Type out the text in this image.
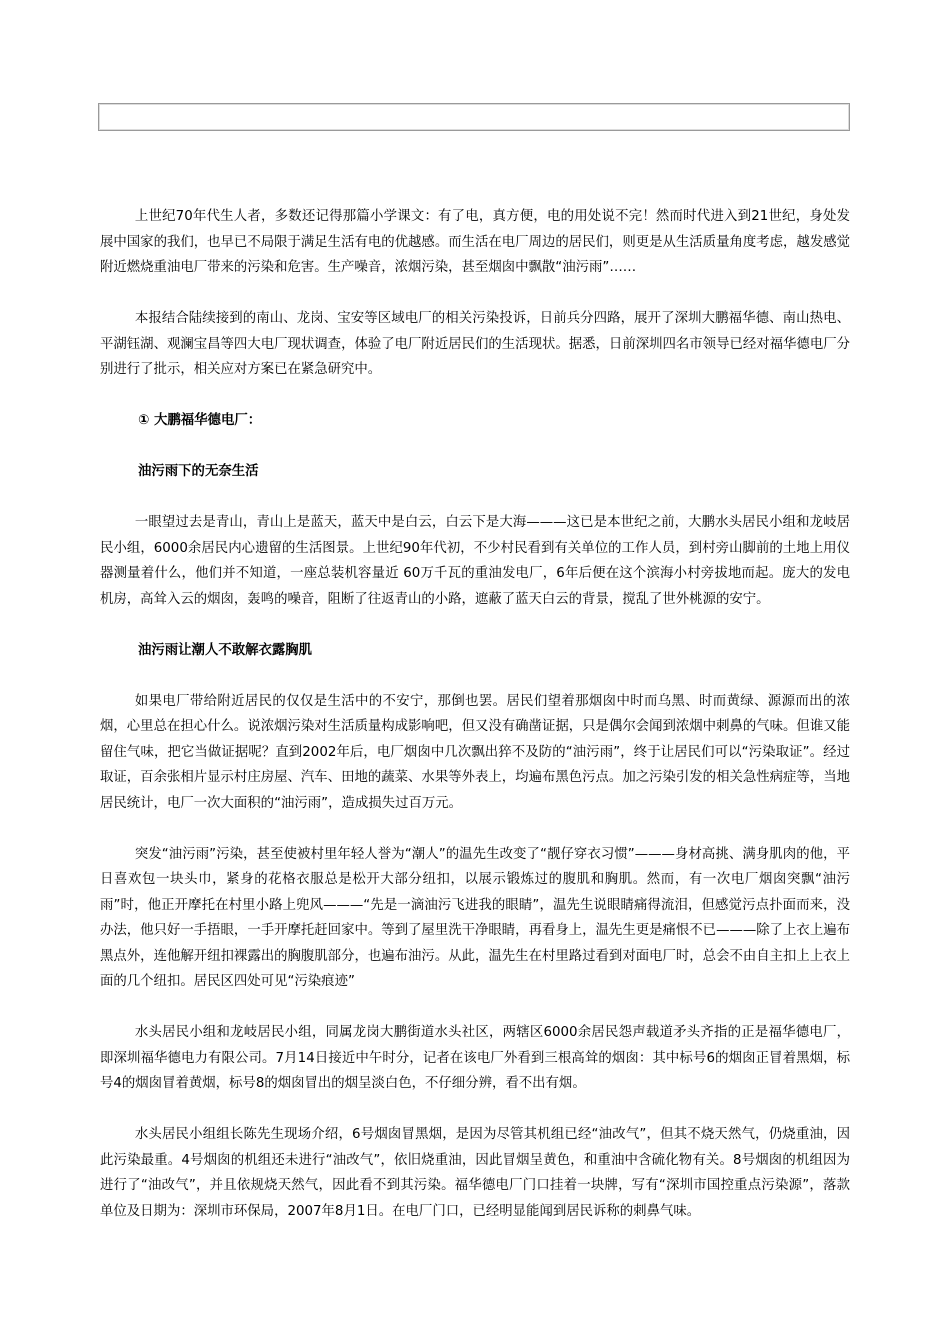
上世纪70年代生人者，多数还记得那篇小学课文：有了电，真方便，电的用处说不完！然而时代进入到21世纪，身处发展中国家的我们，也早已不局限于满足生活有电的优越感。而生活在电厂周边的居民们，则更是从生活质量角度考虑，越发感觉附近燃烧重油电厂带来的污染和危害。生产噪音，浓烟污染，甚至烟囱中飘散“油污雨”……

本报结合陆续接到的南山、龙岗、宝安等区域电厂的相关污染投诉，日前兵分四路，展开了深圳大鹏福华德、南山热电、平湖钰湖、观澜宝昌等四大电厂现状调查，体验了电厂附近居民们的生活现状。据悉，日前深圳四名市领导已经对福华德电厂分别进行了批示，相关应对方案已在紧急研究中。

① 大鹏福华德电厂：
油污雨下的无奈生活

一眼望过去是青山，青山上是蓝天，蓝天中是白云，白云下是大海———这已是本世纪之前，大鹏水头居民小组和龙岐居民小组，6000余居民内心遗留的生活图景。上世纪90年代初，不少村民看到有关单位的工作人员，到村旁山脚前的土地上用仪器测量着什么，他们并不知道，一座总装机容量近 60万千瓦的重油发电厂，6年后便在这个滨海小村旁拔地而起。庞大的发电机房，高耸入云的烟囱，轰鸣的噪音，阻断了往返青山的小路，遮蔽了蓝天白云的背景，搅乱了世外桃源的安宁。

油污雨让潮人不敢解衣露胸肌

如果电厂带给附近居民的仅仅是生活中的不安宁，那倒也罢。居民们望着那烟囱中时而乌黑、时而黄绿、源源而出的浓烟，心里总在担心什么。说浓烟污染对生活质量构成影响吧，但又没有确凿证据，只是偶尔会闻到浓烟中刺鼻的气味。但谁又能留住气味，把它当做证据呢？直到2002年后，电厂烟囱中几次飘出猝不及防的“油污雨”，终于让居民们可以“污染取证”。经过取证，百余张相片显示村庄房屋、汽车、田地的蔬菜、水果等外表上，均遍布黑色污点。加之污染引发的相关急性病症等，当地居民统计，电厂一次大面积的“油污雨”，造成损失过百万元。

突发“油污雨”污染，甚至使被村里年轻人誉为“潮人”的温先生改变了“靓仔穿衣习惯”———身材高挑、满身肌肉的他，平日喜欢包一块头巾，紧身的花格衣服总是松开大部分纽扣，以展示锻炼过的腹肌和胸肌。然而，有一次电厂烟囱突飘“油污雨”时，他正开摩托在村里小路上兜风———“先是一滴油污飞进我的眼睛”，温先生说眼睛痛得流泪，但感觉污点扑面而来，没办法，他只好一手捂眼，一手开摩托赶回家中。等到了屋里洗干净眼睛，再看身上，温先生更是痛恨不已———除了上衣上遍布黑点外，连他解开纽扣裸露出的胸腹肌部分，也遍布油污。从此，温先生在村里路过看到对面电厂时，总会不由自主扣上上衣上面的几个纽扣。居民区四处可见“污染痕迹”

水头居民小组和龙岐居民小组，同属龙岗大鹏街道水头社区，两辖区6000余居民怨声载道矛头齐指的正是福华德电厂，即深圳福华德电力有限公司。7月14日接近中午时分，记者在该电厂外看到三根高耸的烟囱：其中标号6的烟囱正冒着黑烟，标号4的烟囱冒着黄烟，标号8的烟囱冒出的烟呈淡白色，不仔细分辨，看不出有烟。

水头居民小组组长陈先生现场介绍，6号烟囱冒黑烟，是因为尽管其机组已经“油改气”，但其不烧天然气，仍烧重油，因此污染最重。4号烟囱的机组还未进行“油改气”，依旧烧重油，因此冒烟呈黄色，和重油中含硫化物有关。8号烟囱的机组因为进行了“油改气”，并且依规烧天然气，因此看不到其污染。福华德电厂门口挂着一块牌，写有“深圳市国控重点污染源”，落款单位及日期为：深圳市环保局，2007年8月1日。在电厂门口，已经明显能闻到居民诉称的刺鼻气味。
